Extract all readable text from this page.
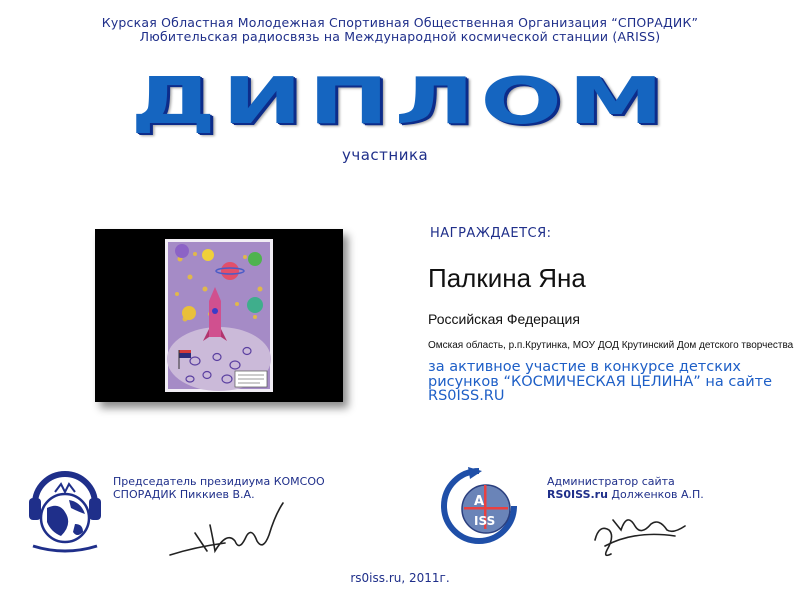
Курская Областная Молодежная Спортивная Общественная Организация “СПОРАДИК”
Любительская радиосвязь на Международной космической станции (ARISS)
ДИПЛОМ
участника
НАГРАЖДАЕТСЯ:
Палкина Яна
Российская Федерация
Омская область, р.п.Крутинка, МОУ ДОД Крутинский Дом детского творчества
за активное участие в конкурсе детских рисунков “КОСМИЧЕСКАЯ ЦЕЛИНА” на сайте RS0ISS.RU
Председатель президиума КОМСОО
СПОРАДИК Пиккиев В.А.	A
ISS
Администратор сайта
RS0ISS.ru Долженков А.П.
rs0iss.ru, 2011г.
